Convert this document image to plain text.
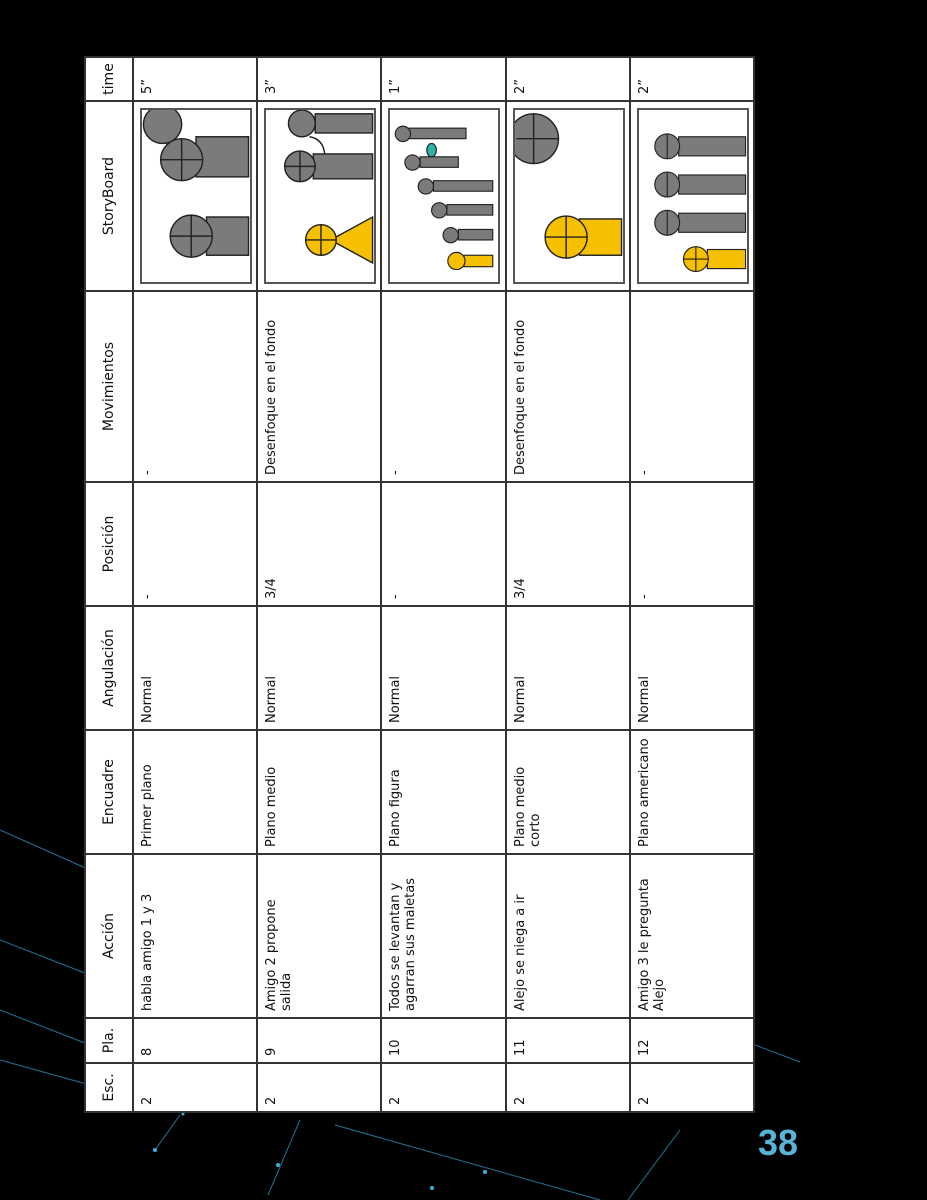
Esc.	Pla.	Acción	Encuadre	Angulación	Posición	Movimientos	StoryBoard	time
2	8	habla amigo 1 y 3	Primer plano	Normal	-	-		5”
2	9	Amigo 2 propone salida	Plano medio	Normal	3/4	Desenfoque en el fondo		3”
2	10	Todos se levantan y agarran sus maletas	Plano figura	Normal	-	-		1”
2	11	Alejo se niega a ir	Plano medio corto	Normal	3/4	Desenfoque en el fondo		2”
2	12	Amigo 3 le pregunta Alejo	Plano americano	Normal	-	-		2”
38
